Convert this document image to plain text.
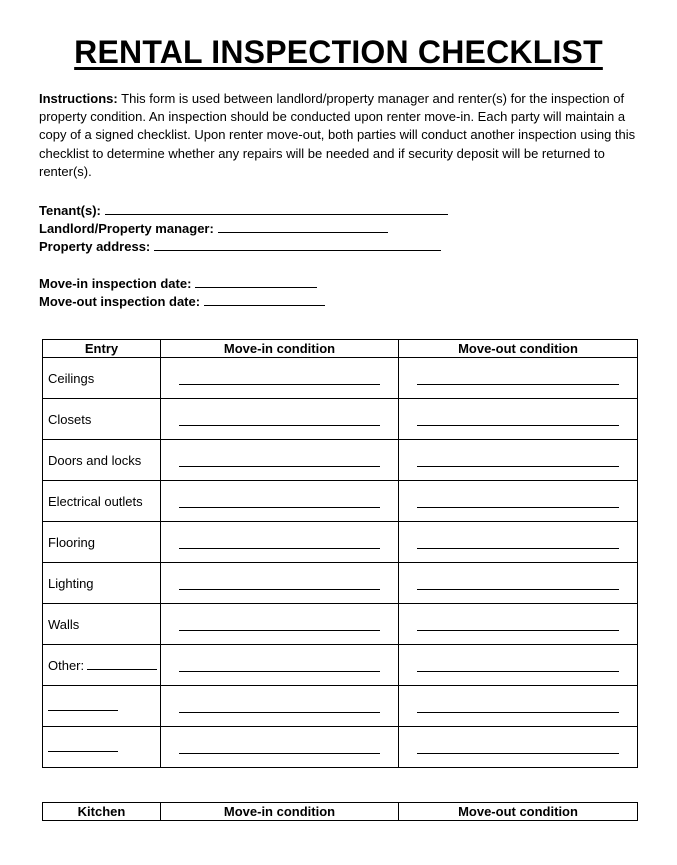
RENTAL INSPECTION CHECKLIST
Instructions: This form is used between landlord/property manager and renter(s) for the inspection of property condition. An inspection should be conducted upon renter move-in. Each party will maintain a copy of a signed checklist. Upon renter move-out, both parties will conduct another inspection using this checklist to determine whether any repairs will be needed and if security deposit will be returned to renter(s).
Tenant(s):
Landlord/Property manager:
Property address:
Move-in inspection date:
Move-out inspection date:
Entry	Move-in condition	Move-out condition
Ceilings	

Closets	

Doors and locks	

Electrical outlets	

Flooring	

Lighting	

Walls	

Other:	

Kitchen	Move-in condition	Move-out condition
